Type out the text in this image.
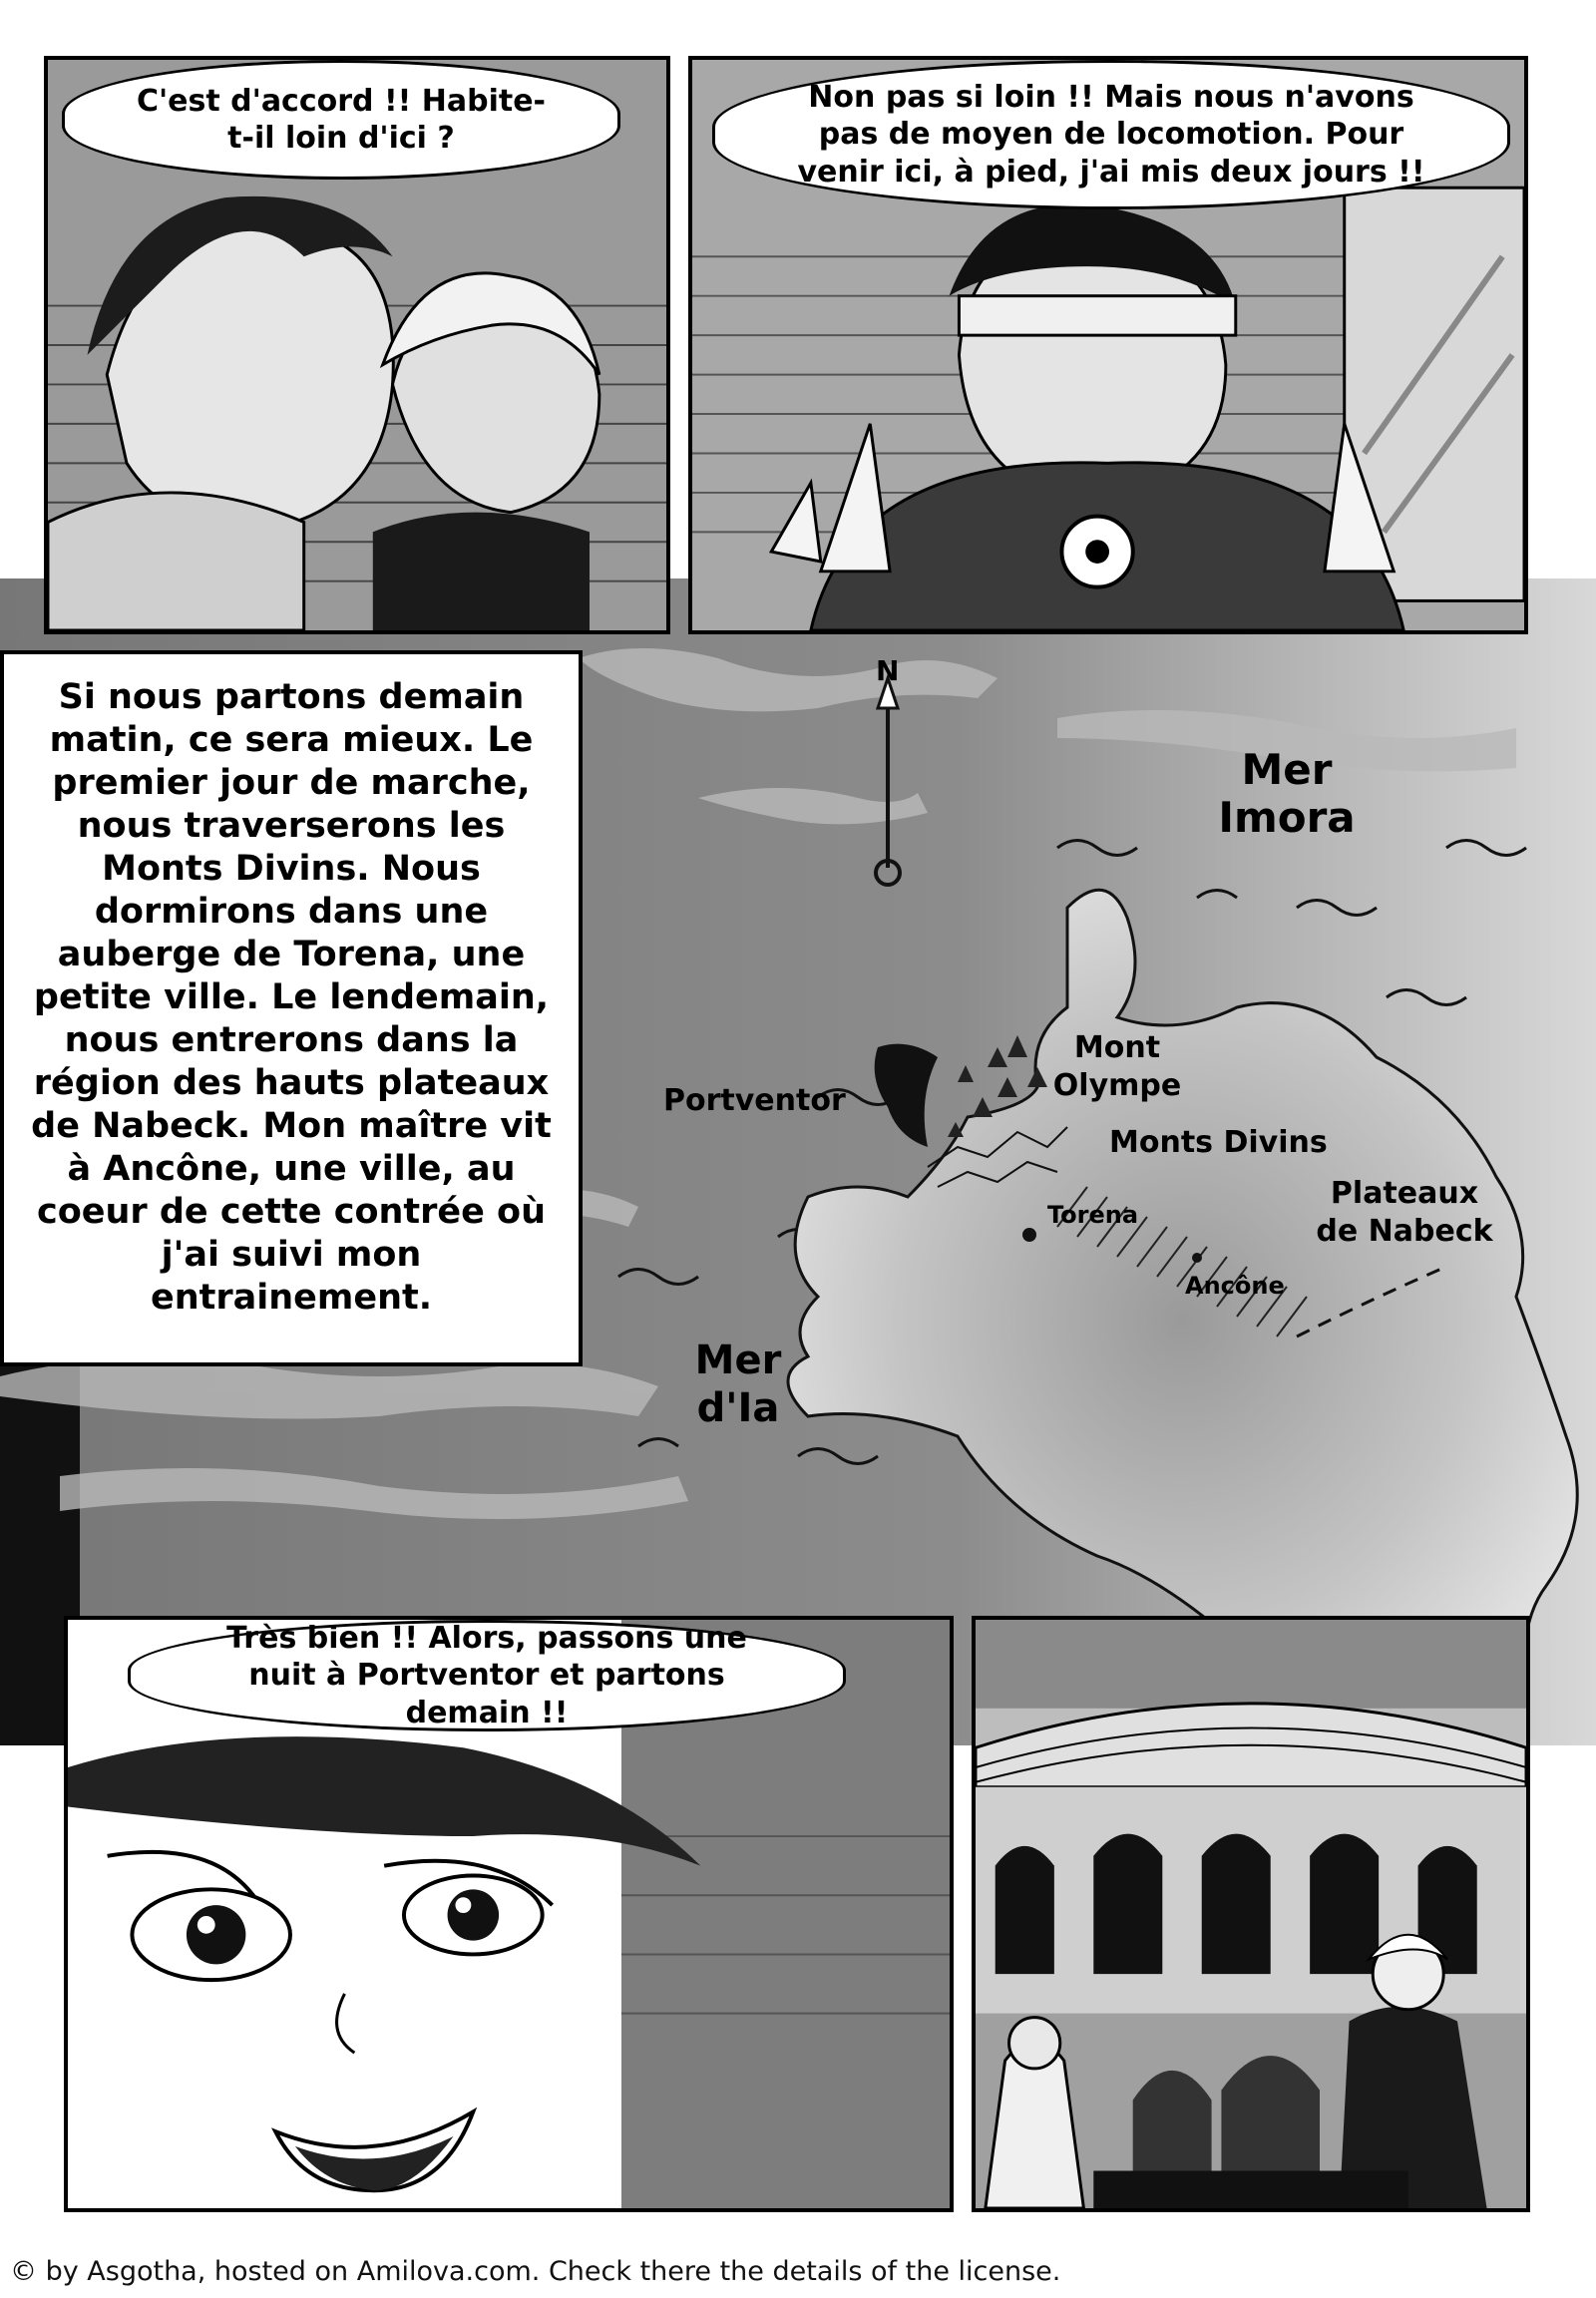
N
Mer Imora
Portventor
Mont Olympe
Monts Divins
Torena
Ancône
Plateaux de Nabeck
Mer d'Ia
Si nous partons demain matin, ce sera mieux. Le premier jour de marche, nous traverserons les Monts Divins. Nous dormirons dans une auberge de Torena, une petite ville. Le lendemain, nous entrerons dans la région des hauts plateaux de Nabeck. Mon maître vit à Ancône, une ville, au coeur de cette contrée où j'ai suivi mon entrainement.
C'est d'accord !! Habite-t-il loin d'ici ?
Non pas si loin !! Mais nous n'avons pas de moyen de locomotion. Pour venir ici, à pied, j'ai mis deux jours !!
Très bien !! Alors, passons une nuit à Portventor et partons demain !!
© by Asgotha, hosted on Amilova.com. Check there the details of the license.
